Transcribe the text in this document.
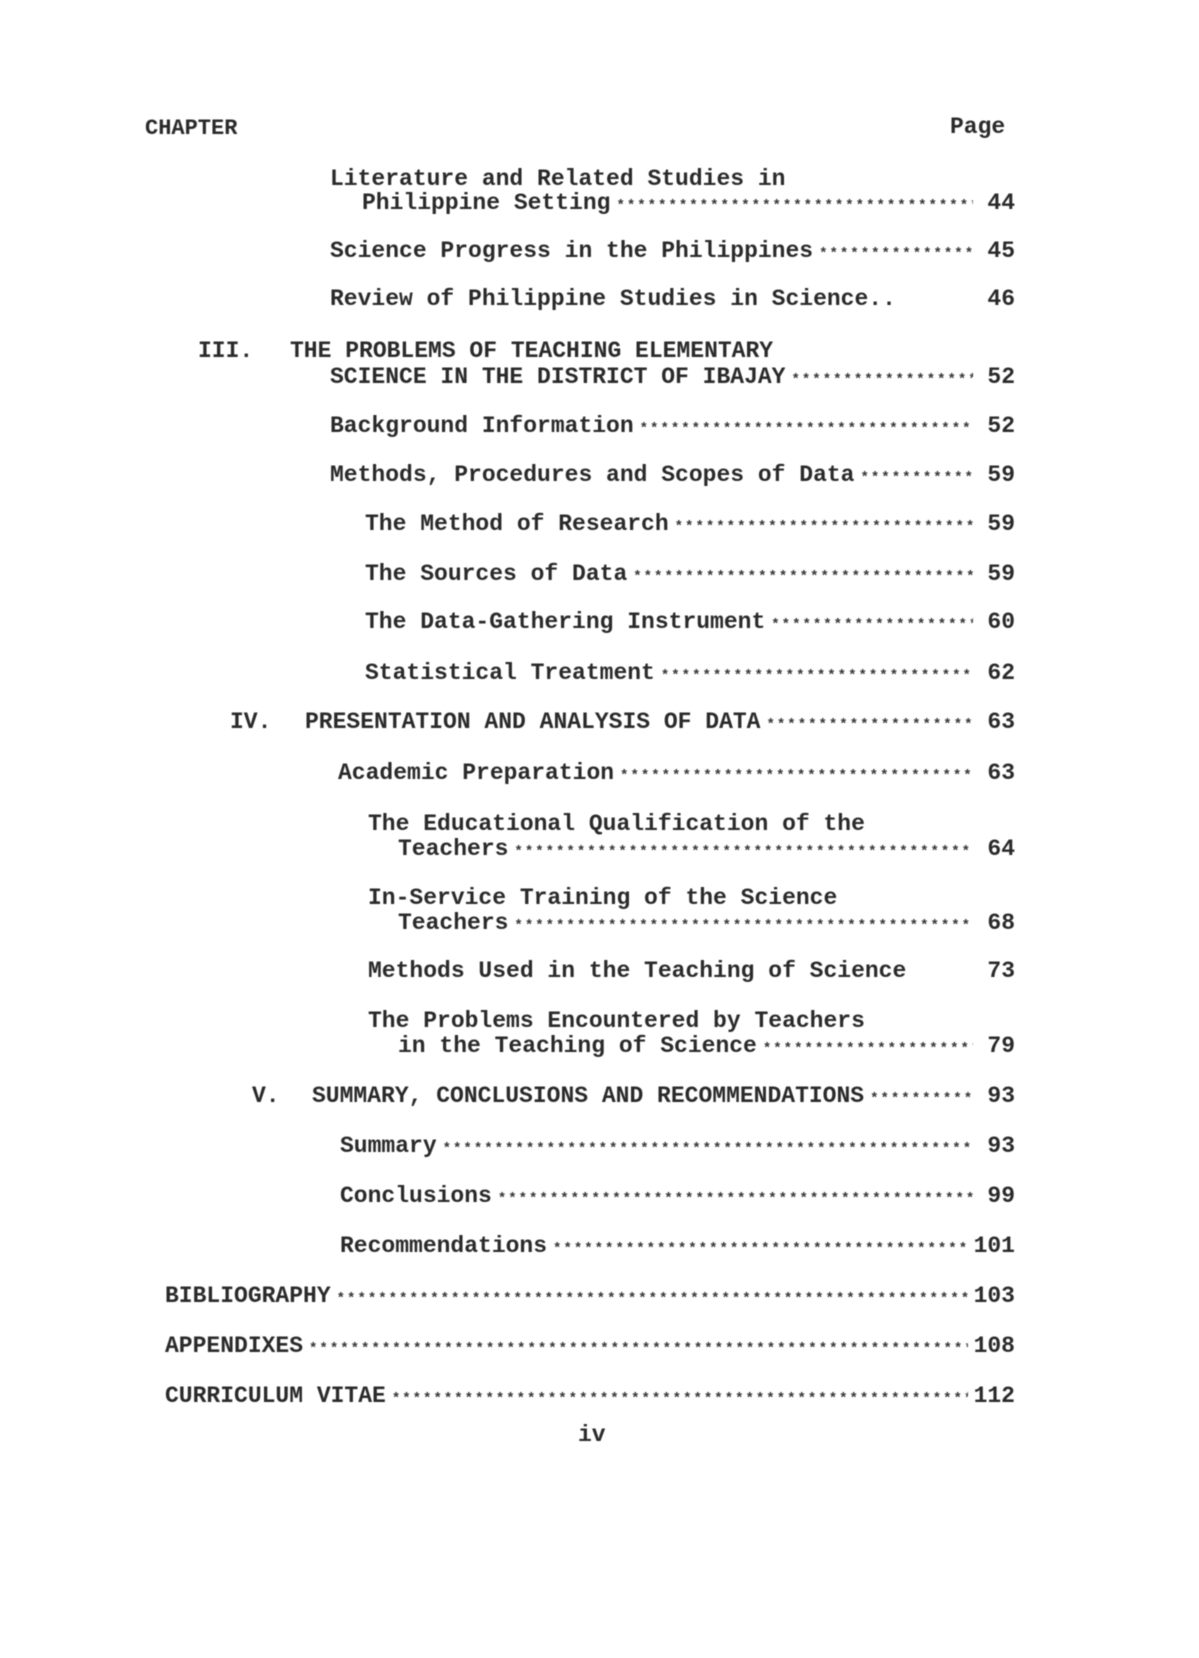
CHAPTER	Page
Literature and Related Studies in
Philippine Setting *****	44
Science Progress in the Philippines *****	45
Review of Philippine Studies in Science..	46
III. THE PROBLEMS OF TEACHING ELEMENTARY
SCIENCE IN THE DISTRICT OF IBAJAY *****	52
Background Information *****	52
Methods, Procedures and Scopes of Data *****	59
The Method of Research *****	59
The Sources of Data *****	59
The Data-Gathering Instrument *****	60
Statistical Treatment *****	62
IV. PRESENTATION AND ANALYSIS OF DATA *****	63
Academic Preparation *****	63
The Educational Qualification of the
Teachers *****	64
In-Service Training of the Science
Teachers *****	68
Methods Used in the Teaching of Science	73
The Problems Encountered by Teachers
in the Teaching of Science *****	79
V. SUMMARY, CONCLUSIONS AND RECOMMENDATIONS *****	93
Summary *****	93
Conclusions *****	99
Recommendations *****	101
BIBLIOGRAPHY *****	103
APPENDIXES *****	108
CURRICULUM VITAE *****	112
iv
